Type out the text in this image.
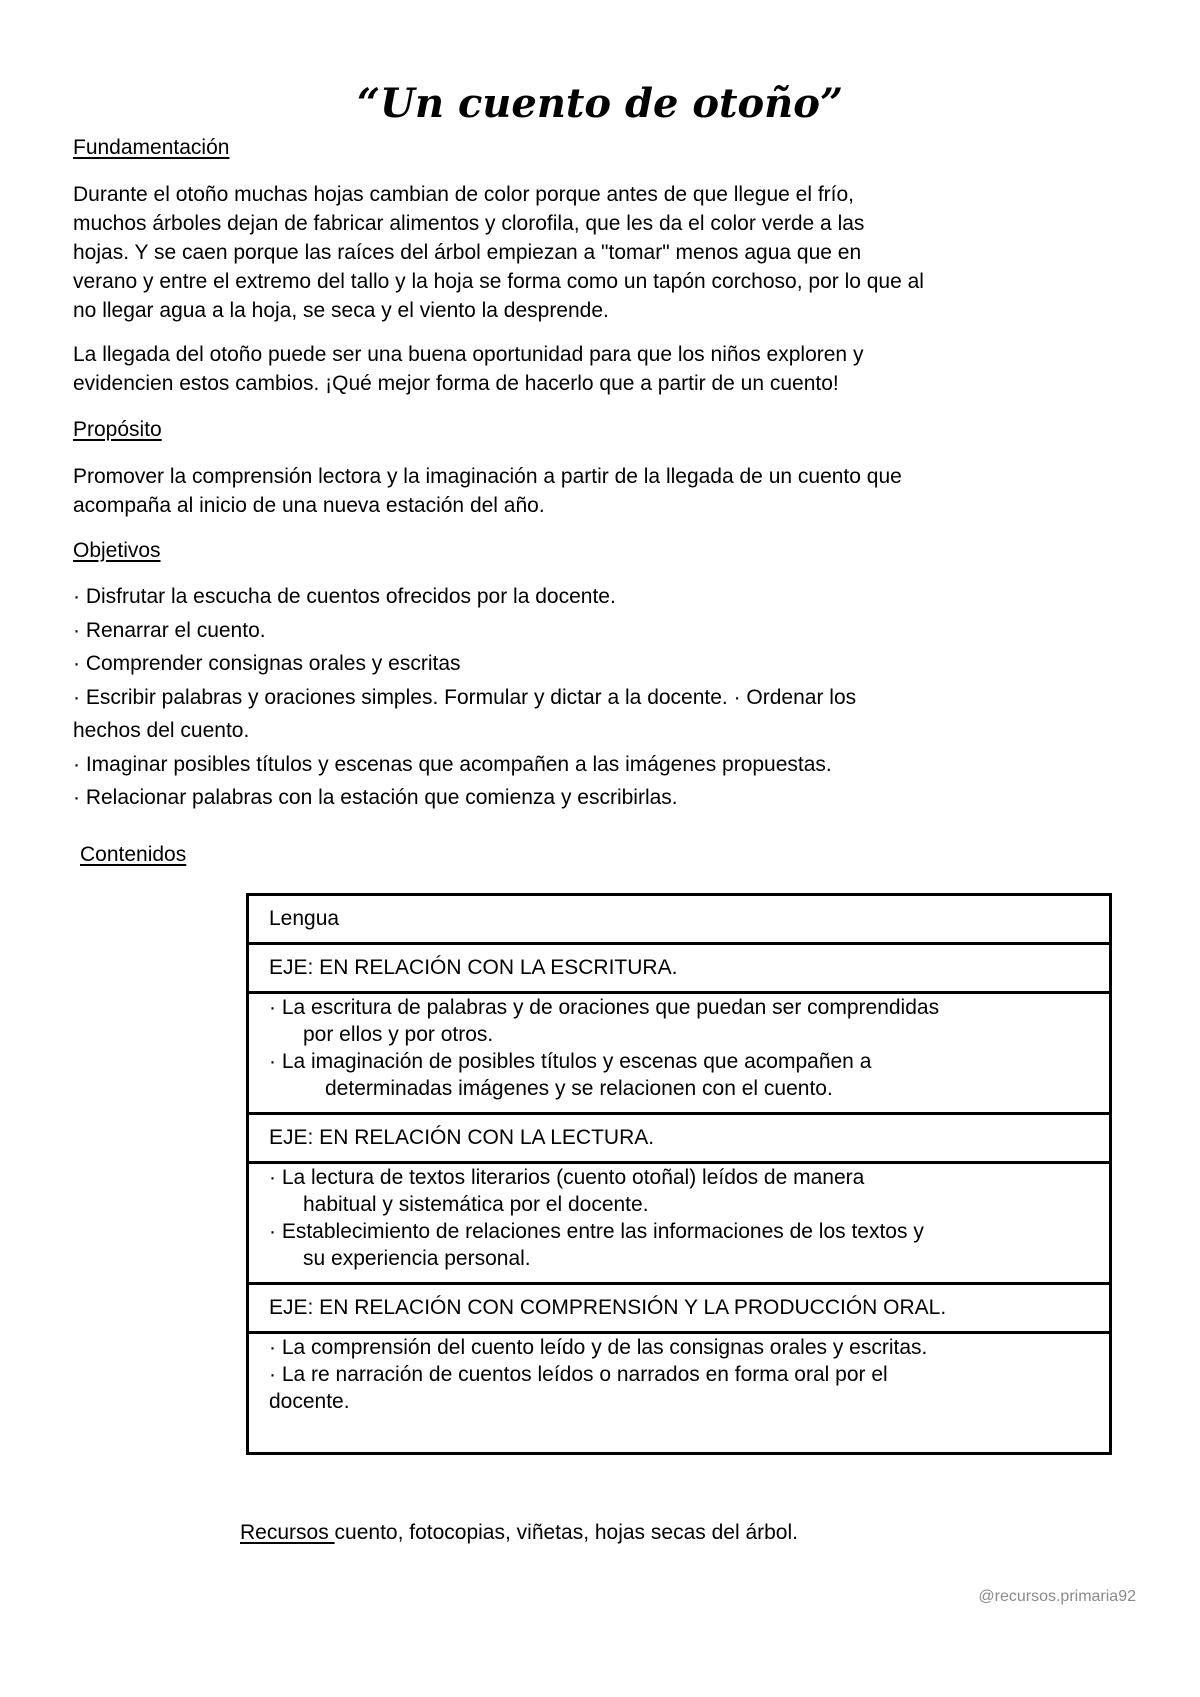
“Un cuento de otoño”
Fundamentación

Durante el otoño muchas hojas cambian de color porque antes de que llegue el frío,

muchos árboles dejan de fabricar alimentos y clorofila, que les da el color verde a las

hojas. Y se caen porque las raíces del árbol empiezan a "tomar" menos agua que en

verano y entre el extremo del tallo y la hoja se forma como un tapón corchoso, por lo que al

no llegar agua a la hoja, se seca y el viento la desprende.

La llegada del otoño puede ser una buena oportunidad para que los niños exploren y

evidencien estos cambios. ¡Qué mejor forma de hacerlo que a partir de un cuento!

Propósito

Promover la comprensión lectora y la imaginación a partir de la llegada de un cuento que

acompaña al inicio de una nueva estación del año.

Objetivos
· Disfrutar la escucha de cuentos ofrecidos por la docente.
· Renarrar el cuento.
· Comprender consignas orales y escritas
· Escribir palabras y oraciones simples. Formular y dictar a la docente. · Ordenar los
hechos del cuento.
· Imaginar posibles títulos y escenas que acompañen a las imágenes propuestas.
· Relacionar palabras con la estación que comienza y escribirlas.
Contenidos
Lengua
EJE: EN RELACIÓN CON LA ESCRITURA.

· La escritura de palabras y de oraciones que puedan ser comprendidas
por ellos y por otros.
· La imaginación de posibles títulos y escenas que acompañen a
determinadas imágenes y se relacionen con el cuento.

EJE: EN RELACIÓN CON LA LECTURA.

· La lectura de textos literarios (cuento otoñal) leídos de manera
habitual y sistemática por el docente.
· Establecimiento de relaciones entre las informaciones de los textos y
su experiencia personal.

EJE: EN RELACIÓN CON COMPRENSIÓN Y LA PRODUCCIÓN ORAL.

· La comprensión del cuento leído y de las consignas orales y escritas.
· La re narración de cuentos leídos o narrados en forma oral por el
docente.
Recursos cuento, fotocopias, viñetas, hojas secas del árbol.
@recursos.primaria92
